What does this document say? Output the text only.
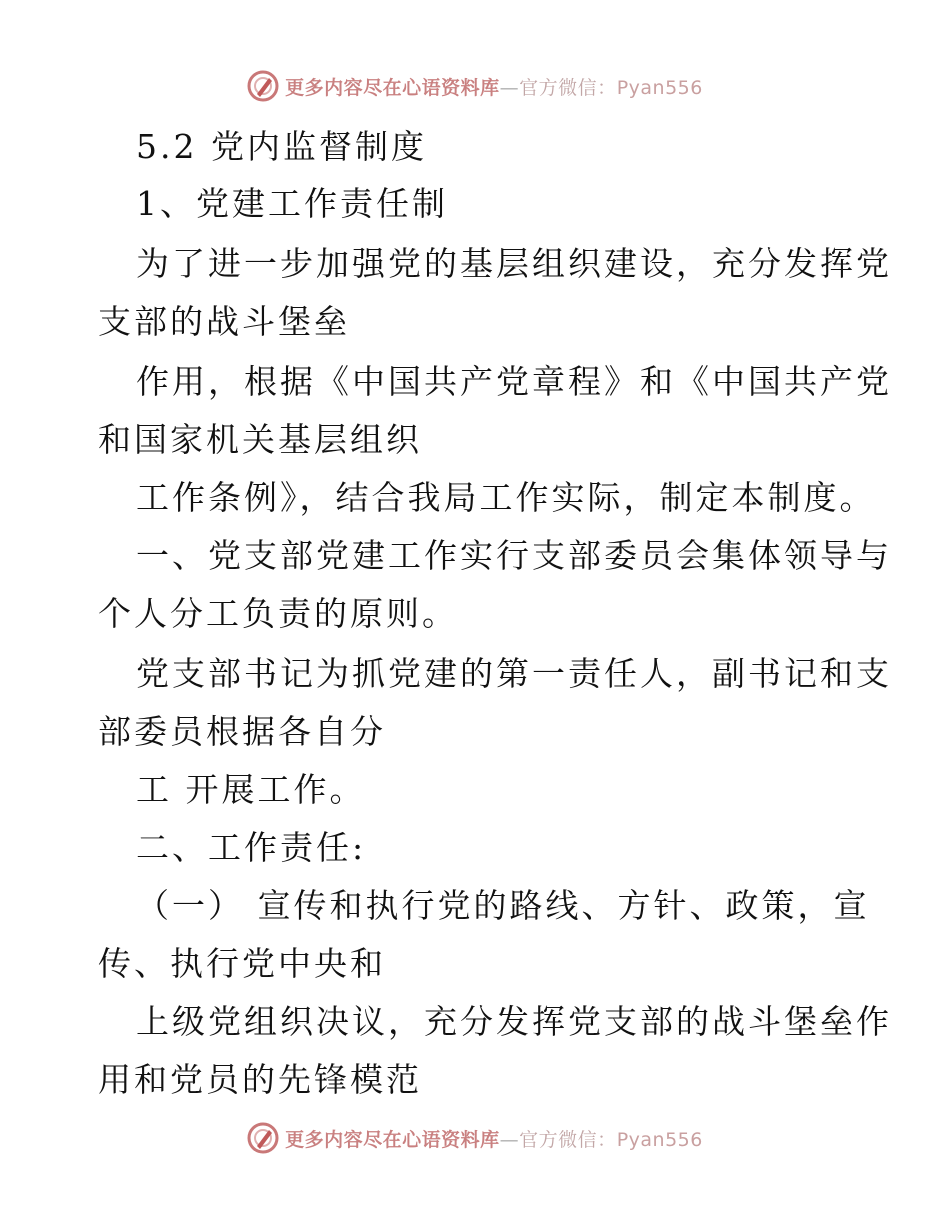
更多内容尽在心语资料库—官方微信：Pyan556
5.2 党内监督制度
1、党建工作责任制
为了进一步加强党的基层组织建设，充分发挥党
支部的战斗堡垒
作用，根据《中国共产党章程》和《中国共产党
和国家机关基层组织
工作条例》，结合我局工作实际，制定本制度。
一、党支部党建工作实行支部委员会集体领导与
个人分工负责的原则。
党支部书记为抓党建的第一责任人，副书记和支
部委员根据各自分
工 开展工作。
二、工作责任:
（一） 宣传和执行党的路线、方针、政策，宣
传、执行党中央和
上级党组织决议，充分发挥党支部的战斗堡垒作
用和党员的先锋模范
更多内容尽在心语资料库—官方微信：Pyan556
